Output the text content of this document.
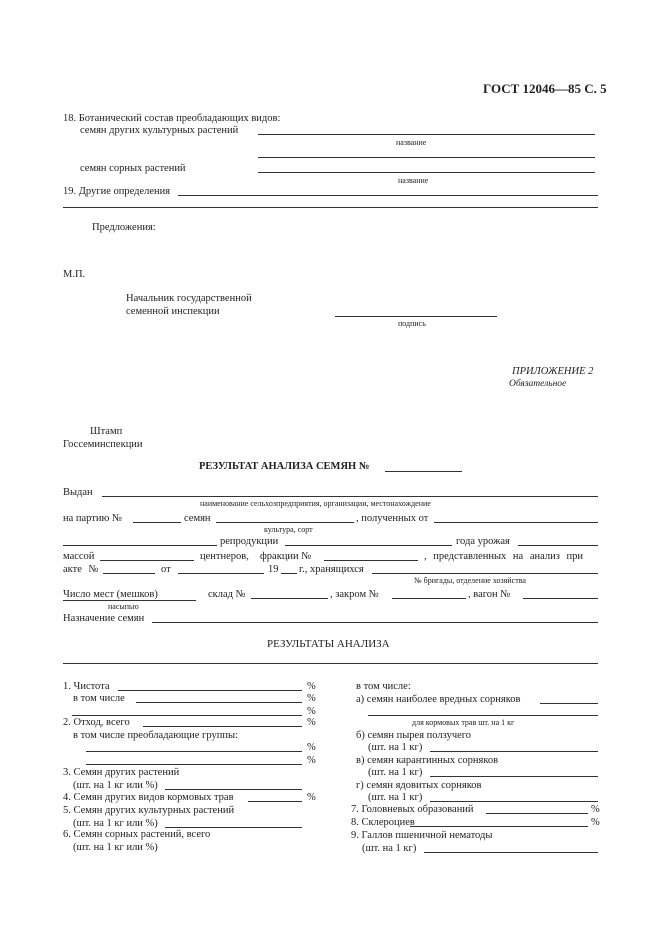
ГОСТ 12046—85 С. 5
18. Ботанический состав преобладающих видов:
семян других культурных растений
название
семян сорных растений
название
19. Другие определения
Предложения:
М.П.
Начальник государственной
семенной инспекции
подпись
ПРИЛОЖЕНИЕ 2
Обязательное
Штамп
Госсеминспекции
РЕЗУЛЬТАТ АНАЛИЗА СЕМЯН №
Выдан
наименование сельхозпредприятия, организации, местонахождение
на партию №	семян	, полученных от
культура, сорт
репродукции	года урожая
массой	центнеров, фракции №	, представленных на анализ при
акте №	от	19 г., хранящихся
№ бригады, отделение хозяйства
Число мест (мешков)
насыпью
склад №	, закром №	, вагон №
Назначение семян
РЕЗУЛЬТАТЫ АНАЛИЗА
1. Чистота	%
в том числе	%
%
2. Отход, всего	%
в том числе преобладающие группы:
%
%
3. Семян других растений
(шт. на 1 кг или %)
4. Семян других видов кормовых трав	%
5. Семян других культурных растений
(шт. на 1 кг или %)
6. Семян сорных растений, всего
(шт. на 1 кг или %)
в том числе:
а) семян наиболее вредных сорняков
для кормовых трав шт. на 1 кг
б) семян пырея ползучего
(шт. на 1 кг)
в) семян карантинных сорняков
(шт. на 1 кг)
г) семян ядовитых сорняков
(шт. на 1 кг)
7. Головневых образований	%
8. Склероциев	%
9. Галлов пшеничной нематоды
(шт. на 1 кг)
